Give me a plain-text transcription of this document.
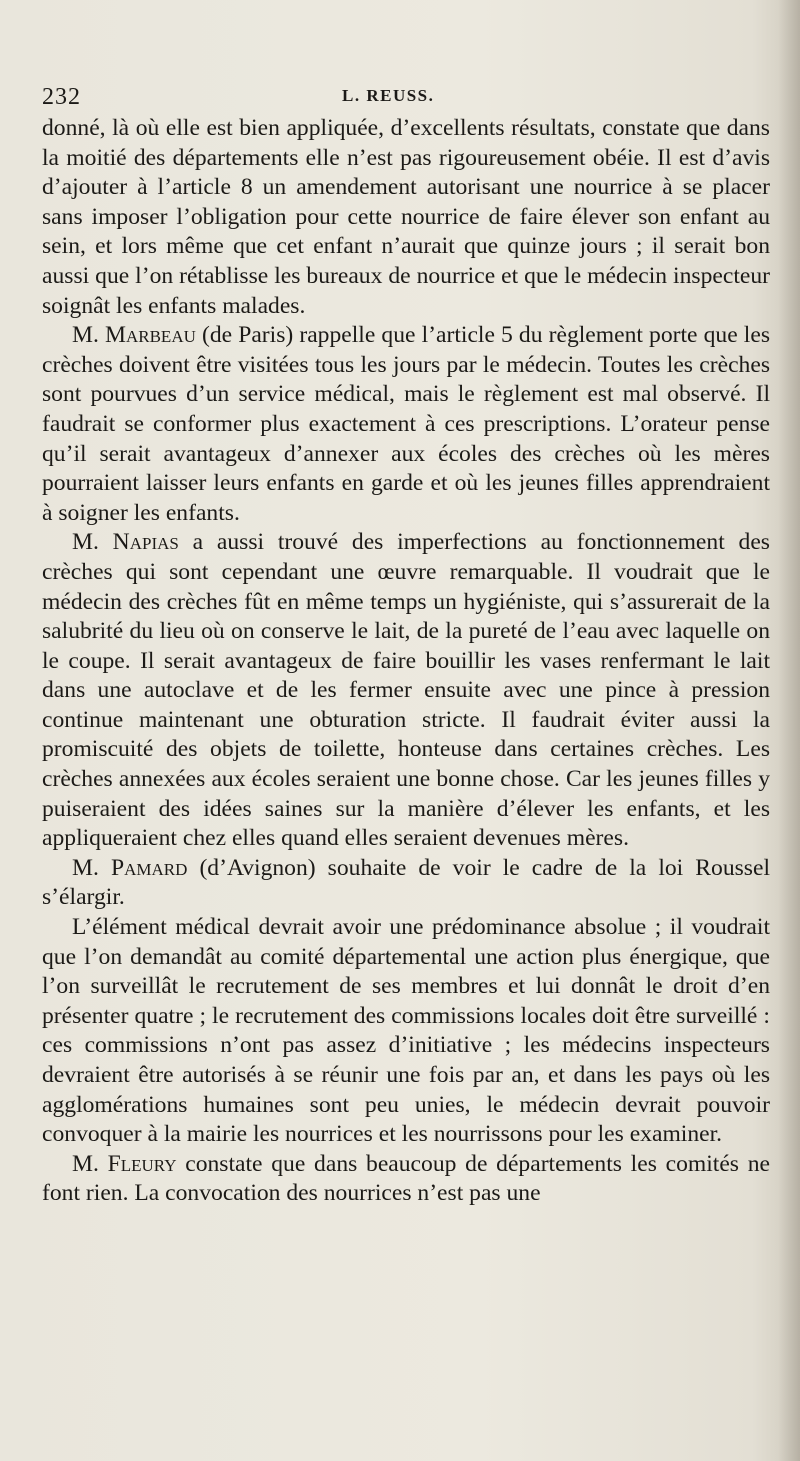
232	L. REUSS.

donné, là où elle est bien appliquée, d’excellents résultats, constate que dans la moitié des départements elle n’est pas rigoureusement obéie. Il est d’avis d’ajouter à l’article 8 un amendement autorisant une nourrice à se placer sans imposer l’obligation pour cette nourrice de faire élever son enfant au sein, et lors même que cet enfant n’aurait que quinze jours ; il serait bon aussi que l’on rétablisse les bureaux de nourrice et que le médecin inspecteur soignât les enfants malades.

M. Marbeau (de Paris) rappelle que l’article 5 du règlement porte que les crèches doivent être visitées tous les jours par le médecin. Toutes les crèches sont pourvues d’un service médical, mais le règlement est mal observé. Il faudrait se conformer plus exactement à ces prescriptions. L’orateur pense qu’il serait avantageux d’annexer aux écoles des crèches où les mères pourraient laisser leurs enfants en garde et où les jeunes filles apprendraient à soigner les enfants.

M. Napias a aussi trouvé des imperfections au fonctionnement des crèches qui sont cependant une œuvre remarquable. Il voudrait que le médecin des crèches fût en même temps un hygiéniste, qui s’assurerait de la salubrité du lieu où on conserve le lait, de la pureté de l’eau avec laquelle on le coupe. Il serait avantageux de faire bouillir les vases renfermant le lait dans une autoclave et de les fermer ensuite avec une pince à pression continue maintenant une obturation stricte. Il faudrait éviter aussi la promiscuité des objets de toilette, honteuse dans certaines crèches. Les crèches annexées aux écoles seraient une bonne chose. Car les jeunes filles y puiseraient des idées saines sur la manière d’élever les enfants, et les appliqueraient chez elles quand elles seraient devenues mères.

M. Pamard (d’Avignon) souhaite de voir le cadre de la loi Roussel s’élargir.

L’élément médical devrait avoir une prédominance absolue ; il voudrait que l’on demandât au comité départemental une action plus énergique, que l’on surveillât le recrutement de ses membres et lui donnât le droit d’en présenter quatre ; le recrutement des commissions locales doit être surveillé : ces commissions n’ont pas assez d’initiative ; les médecins inspecteurs devraient être autorisés à se réunir une fois par an, et dans les pays où les agglomérations humaines sont peu unies, le médecin devrait pouvoir convoquer à la mairie les nourrices et les nourrissons pour les examiner.

M. Fleury constate que dans beaucoup de départements les comités ne font rien. La convocation des nourrices n’est pas une
